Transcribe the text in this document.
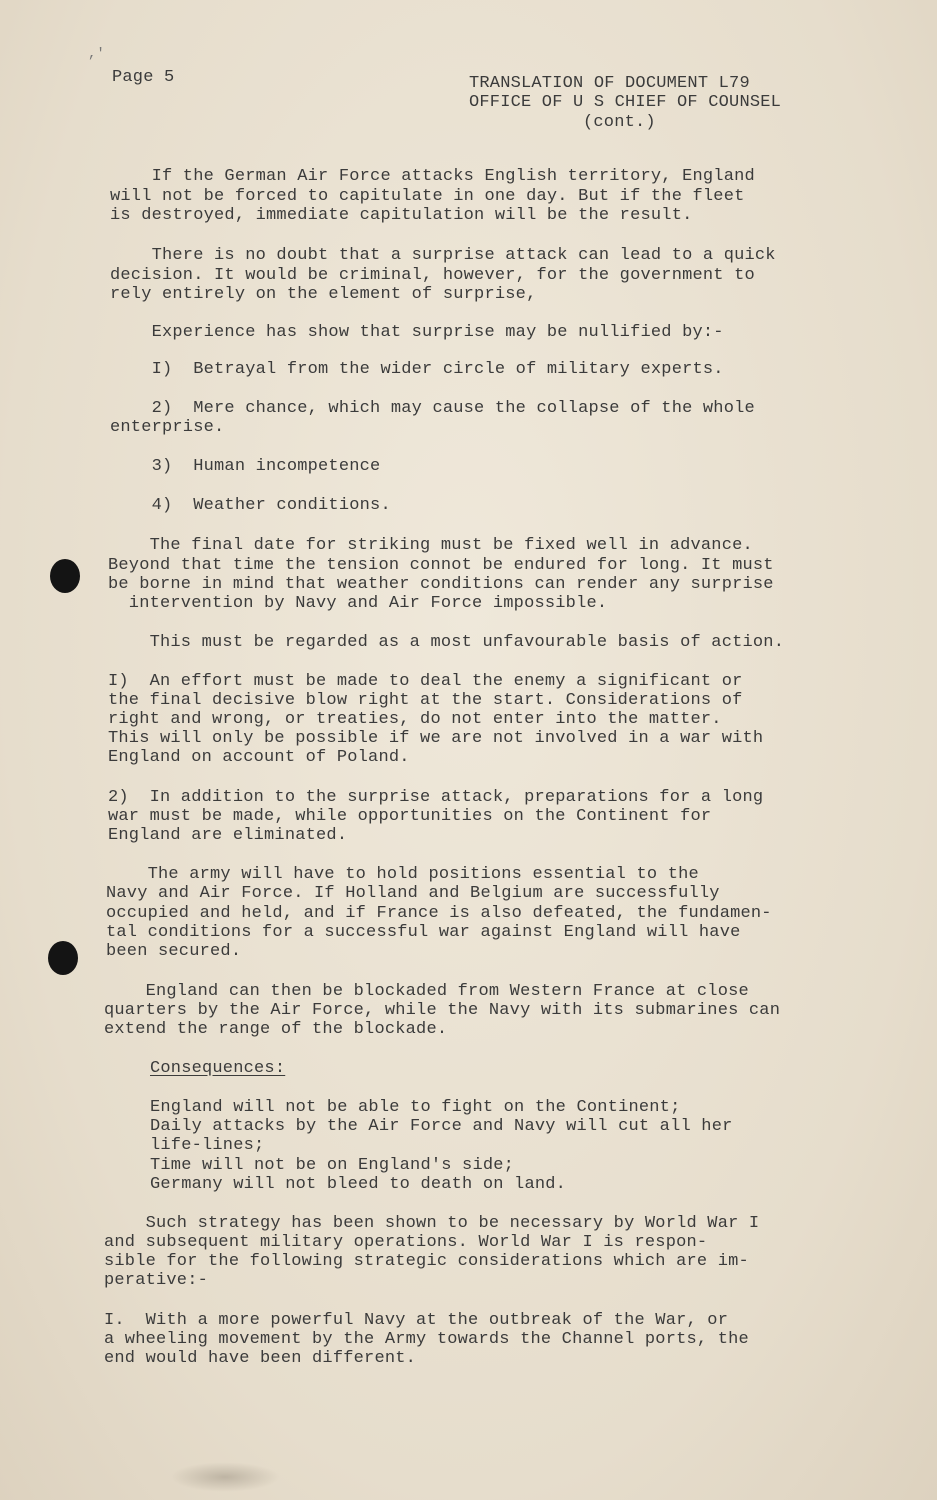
,'
Page 5	TRANSLATION OF DOCUMENT L79
OFFICE OF U S CHIEF OF COUNSEL
(cont.)
If the German Air Force attacks English territory, England
will not be forced to capitulate in one day. But if the fleet
is destroyed, immediate capitulation will be the result.
There is no doubt that a surprise attack can lead to a quick
decision. It would be criminal, however, for the government to
rely entirely on the element of surprise,
Experience has show that surprise may be nullified by:-
I)  Betrayal from the wider circle of military experts.
2)  Mere chance, which may cause the collapse of the whole
enterprise.
3)  Human incompetence
4)  Weather conditions.
The final date for striking must be fixed well in advance.
Beyond that time the tension connot be endured for long. It must
be borne in mind that weather conditions can render any surprise
intervention by Navy and Air Force impossible.
This must be regarded as a most unfavourable basis of action.
I)  An effort must be made to deal the enemy a significant or
the final decisive blow right at the start. Considerations of
right and wrong, or treaties, do not enter into the matter.
This will only be possible if we are not involved in a war with
England on account of Poland.
2)  In addition to the surprise attack, preparations for a long
war must be made, while opportunities on the Continent for
England are eliminated.
The army will have to hold positions essential to the
Navy and Air Force. If Holland and Belgium are successfully
occupied and held, and if France is also defeated, the fundamen-
tal conditions for a successful war against England will have
been secured.
England can then be blockaded from Western France at close
quarters by the Air Force, while the Navy with its submarines can
extend the range of the blockade.
Consequences:
England will not be able to fight on the Continent;
Daily attacks by the Air Force and Navy will cut all her
life-lines;
Time will not be on England's side;
Germany will not bleed to death on land.
Such strategy has been shown to be necessary by World War I
and subsequent military operations. World War I is respon-
sible for the following strategic considerations which are im-
perative:-
I.  With a more powerful Navy at the outbreak of the War, or
a wheeling movement by the Army towards the Channel ports, the
end would have been different.
